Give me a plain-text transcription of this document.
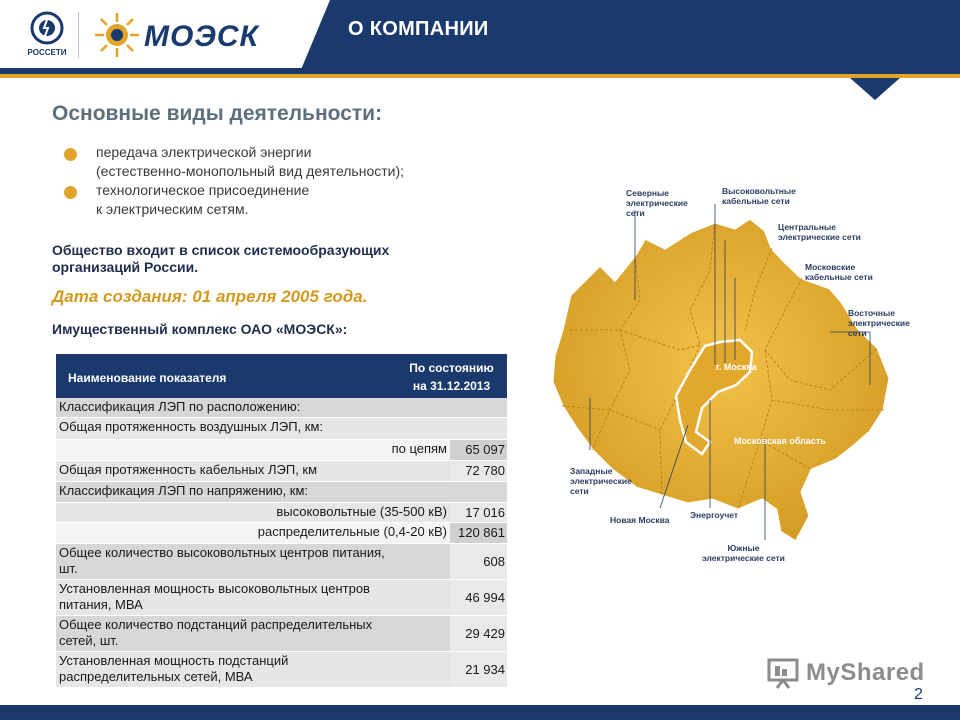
О КОМПАНИИ
РОССЕТИ	МОЭСК
Основные виды деятельности:
передача электрической энергии
(естественно-монопольный вид деятельности);
технологическое присоединение
к электрическим сетям.
Общество входит в список системообразующих
организаций России.
Дата создания: 01 апреля 2005 года.
Имущественный комплекс ОАО «МОЭСК»:
Наименование показателя
По состоянию
на 31.12.2013
Классификация ЛЭП по расположению:
Общая протяженность воздушных ЛЭП, км:
по цепям	65 097
Общая протяженность кабельных ЛЭП, км	72 780
Классификация ЛЭП по напряжению, км:
высоковольтные (35-500 кВ)	17 016
распределительные (0,4-20 кВ) 120 861
Общее количество высоковольтных центров питания,
шт.	608
Установленная мощность высоковольтных центров
питания, МВА	46 994
Общее количество подстанций распределительных
сетей, шт.	29 429
Установленная мощность подстанций
распределительных сетей, МВА	21 934
Северные
электрические
сети
Высоковольтные
кабельные сети
Центральные
электрические сети
Московские
кабельные сети
Восточные
электрические
сети
Западные
электрические
сети
Новая Москва Энергоучет
Южные
электрические сети
г. Москва
Московская область
MyShared
2
